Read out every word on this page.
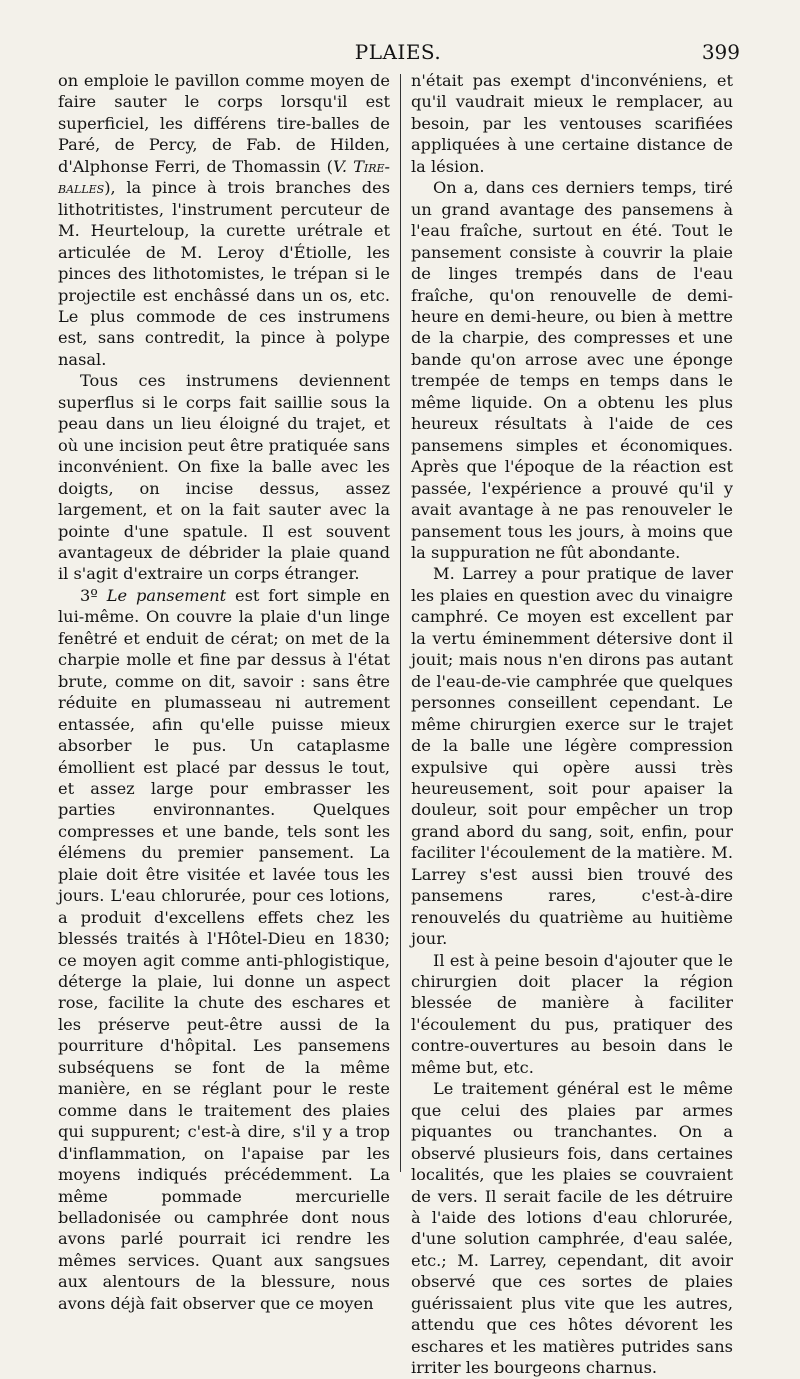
PLAIES.	399

on emploie le pavillon comme moyen de faire sauter le corps lorsqu'il est superficiel, les différens tire-balles de Paré, de Percy, de Fab. de Hilden, d'Alphonse Ferri, de Thomassin (V. Tire-balles), la pince à trois branches des lithotritistes, l'instrument percuteur de M. Heurteloup, la curette urétrale et articulée de M. Leroy d'Étiolle, les pinces des lithotomistes, le trépan si le projectile est enchâssé dans un os, etc. Le plus commode de ces instrumens est, sans contredit, la pince à polype nasal.

Tous ces instrumens deviennent superflus si le corps fait saillie sous la peau dans un lieu éloigné du trajet, et où une incision peut être pratiquée sans inconvénient. On fixe la balle avec les doigts, on incise dessus, assez largement, et on la fait sauter avec la pointe d'une spatule. Il est souvent avantageux de débrider la plaie quand il s'agit d'extraire un corps étranger.

3º Le pansement est fort simple en lui-même. On couvre la plaie d'un linge fenêtré et enduit de cérat; on met de la charpie molle et fine par dessus à l'état brute, comme on dit, savoir : sans être réduite en plumasseau ni autrement entassée, afin qu'elle puisse mieux absorber le pus. Un cataplasme émollient est placé par dessus le tout, et assez large pour embrasser les parties environnantes. Quelques compresses et une bande, tels sont les élémens du premier pansement. La plaie doit être visitée et lavée tous les jours. L'eau chlorurée, pour ces lotions, a produit d'excellens effets chez les blessés traités à l'Hôtel-Dieu en 1830; ce moyen agit comme anti-phlogistique, déterge la plaie, lui donne un aspect rose, facilite la chute des eschares et les préserve peut-être aussi de la pourriture d'hôpital. Les pansemens subséquens se font de la même manière, en se réglant pour le reste comme dans le traitement des plaies qui suppurent; c'est-à dire, s'il y a trop d'inflammation, on l'apaise par les moyens indiqués précédemment. La même pommade mercurielle belladonisée ou camphrée dont nous avons parlé pourrait ici rendre les mêmes services. Quant aux sangsues aux alentours de la blessure, nous avons déjà fait observer que ce moyen

n'était pas exempt d'inconvéniens, et qu'il vaudrait mieux le remplacer, au besoin, par les ventouses scarifiées appliquées à une certaine distance de la lésion.

On a, dans ces derniers temps, tiré un grand avantage des pansemens à l'eau fraîche, surtout en été. Tout le pansement consiste à couvrir la plaie de linges trempés dans de l'eau fraîche, qu'on renouvelle de demi-heure en demi-heure, ou bien à mettre de la charpie, des compresses et une bande qu'on arrose avec une éponge trempée de temps en temps dans le même liquide. On a obtenu les plus heureux résultats à l'aide de ces pansemens simples et économiques. Après que l'époque de la réaction est passée, l'expérience a prouvé qu'il y avait avantage à ne pas renouveler le pansement tous les jours, à moins que la suppuration ne fût abondante.

M. Larrey a pour pratique de laver les plaies en question avec du vinaigre camphré. Ce moyen est excellent par la vertu éminemment détersive dont il jouit; mais nous n'en dirons pas autant de l'eau-de-vie camphrée que quelques personnes conseillent cependant. Le même chirurgien exerce sur le trajet de la balle une légère compression expulsive qui opère aussi très heureusement, soit pour apaiser la douleur, soit pour empêcher un trop grand abord du sang, soit, enfin, pour faciliter l'écoulement de la matière. M. Larrey s'est aussi bien trouvé des pansemens rares, c'est-à-dire renouvelés du quatrième au huitième jour.

Il est à peine besoin d'ajouter que le chirurgien doit placer la région blessée de manière à faciliter l'écoulement du pus, pratiquer des contre-ouvertures au besoin dans le même but, etc.

Le traitement général est le même que celui des plaies par armes piquantes ou tranchantes. On a observé plusieurs fois, dans certaines localités, que les plaies se couvraient de vers. Il serait facile de les détruire à l'aide des lotions d'eau chlorurée, d'une solution camphrée, d'eau salée, etc.; M. Larrey, cependant, dit avoir observé que ces sortes de plaies guérissaient plus vite que les autres, attendu que ces hôtes dévorent les eschares et les matières putrides sans irriter les bourgeons charnus.
